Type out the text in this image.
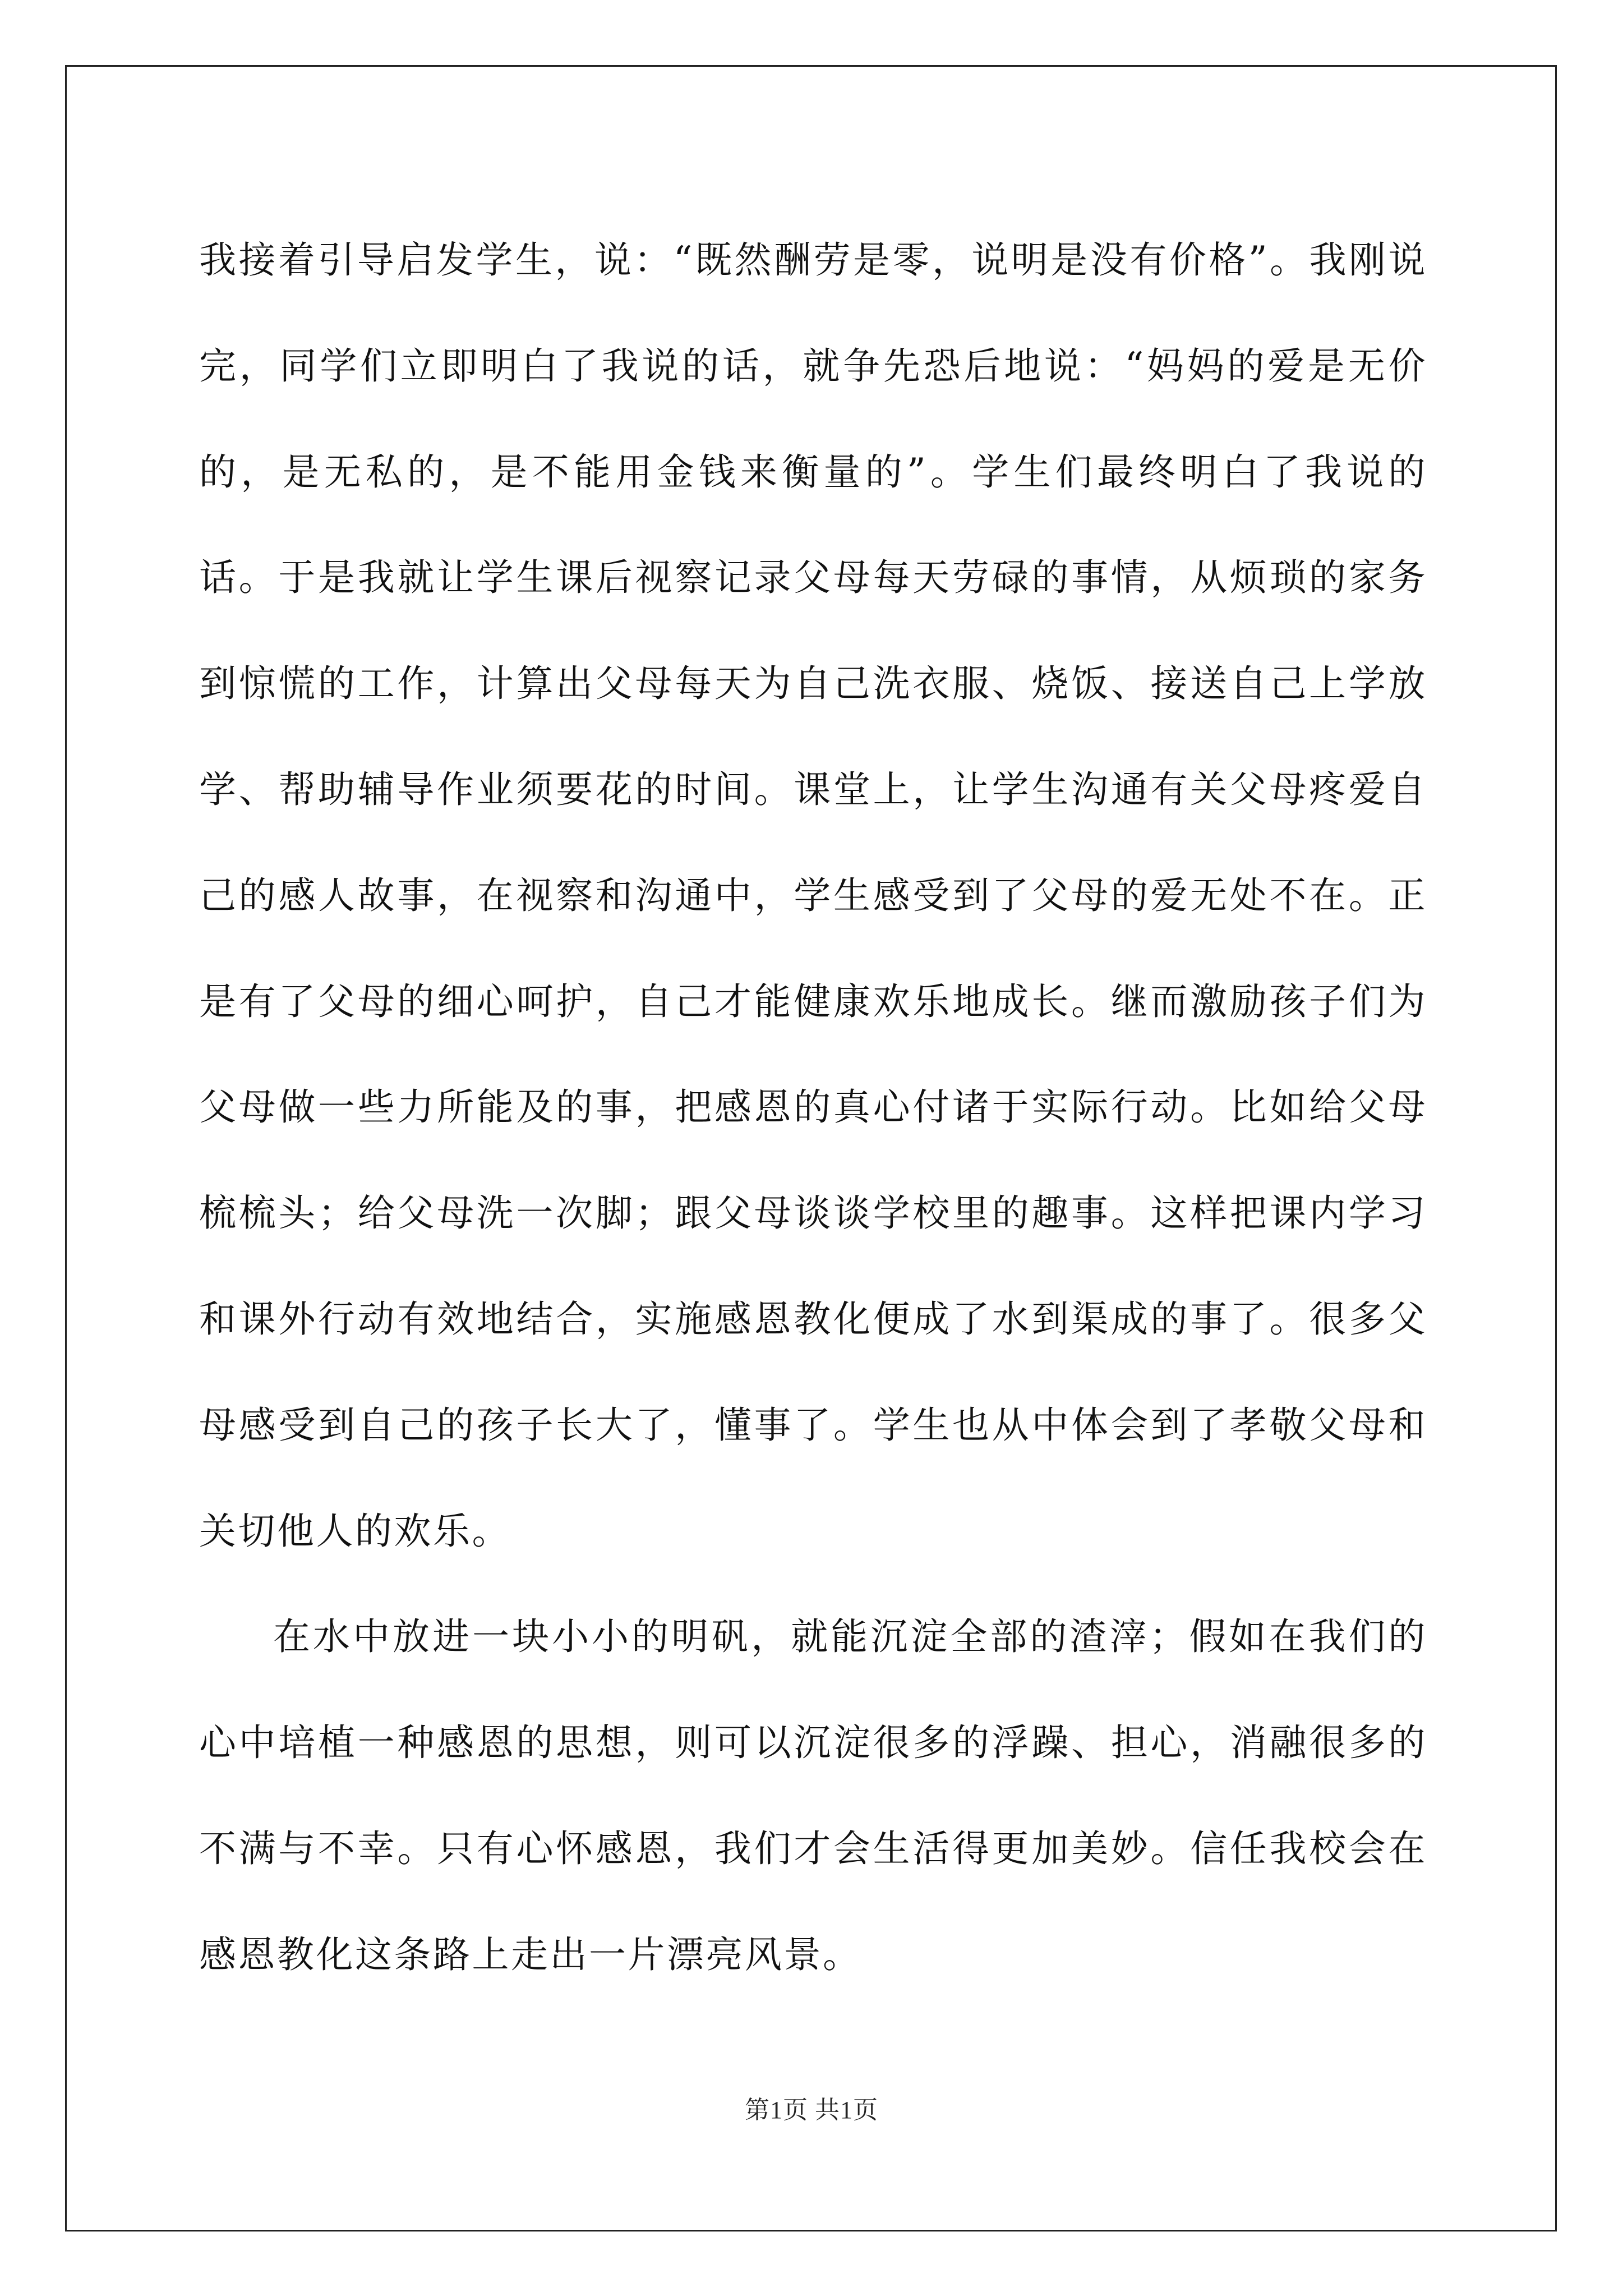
我接着引导启发学生，说：“既然酬劳是零，说明是没有价格”。我刚说完，同学们立即明白了我说的话，就争先恐后地说：“妈妈的爱是无价的，是无私的，是不能用金钱来衡量的”。学生们最终明白了我说的话。于是我就让学生课后视察记录父母每天劳碌的事情，从烦琐的家务到惊慌的工作，计算出父母每天为自己洗衣服、烧饭、接送自己上学放学、帮助辅导作业须要花的时间。课堂上，让学生沟通有关父母疼爱自己的感人故事，在视察和沟通中，学生感受到了父母的爱无处不在。正是有了父母的细心呵护，自己才能健康欢乐地成长。继而激励孩子们为父母做一些力所能及的事，把感恩的真心付诸于实际行动。比如给父母梳梳头；给父母洗一次脚；跟父母谈谈学校里的趣事。这样把课内学习和课外行动有效地结合，实施感恩教化便成了水到渠成的事了。很多父母感受到自己的孩子长大了，懂事了。学生也从中体会到了孝敬父母和关切他人的欢乐。

在水中放进一块小小的明矾，就能沉淀全部的渣滓；假如在我们的心中培植一种感恩的思想，则可以沉淀很多的浮躁、担心，消融很多的不满与不幸。只有心怀感恩，我们才会生活得更加美妙。信任我校会在感恩教化这条路上走出一片漂亮风景。

第1页 共1页
